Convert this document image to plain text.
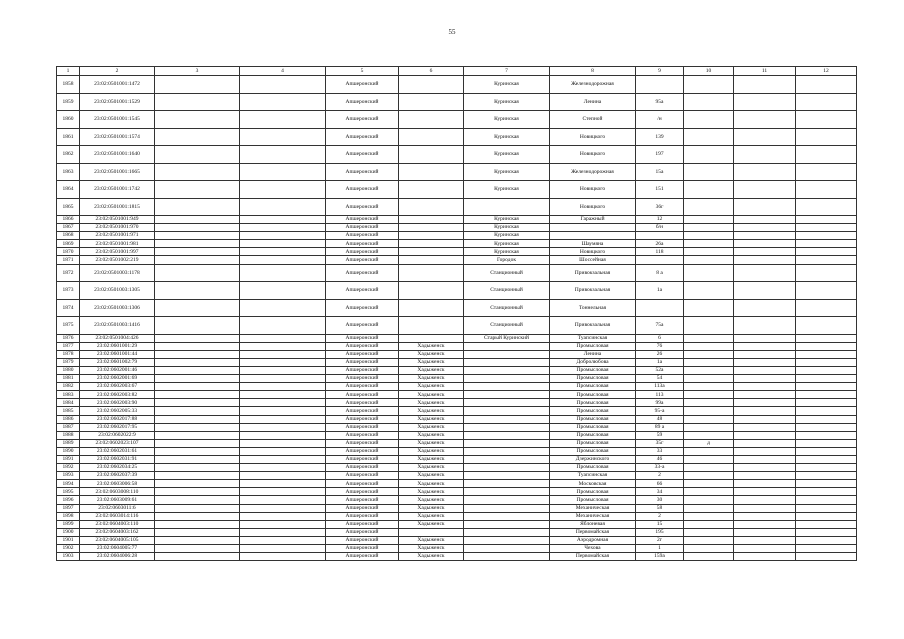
55
1	2	3	4	5	6	7	8	9	10	11	12
1858	23:02:0501001:1472			Апшеронский		Куринская	Железнодорожная				
1859	23:02:0501001:1529			Апшеронский		Куринская	Ленина	95а			
1860	23:02:0501001:1545			Апшеронский		Куринская	Степной	/н			
1861	23:02:0501001:1574			Апшеронский		Куринская	Новицкого	139			
1862	23:02:0501001:1640			Апшеронский		Куринская	Новицкого	197			
1863	23:02:0501001:1665			Апшеронский		Куринская	Железнодорожная	15а			
1864	23:02:0501001:1742			Апшеронский		Куринская	Новицкого	151			
1865	23:02:0501001:1815			Апшеронский			Новицкого	36г			
1866	23:02:0501001:949			Апшеронский		Куринская	Гаражный	12			
1867	23:02:0501001:970			Апшеронский		Куринская		б/н			
1868	23:02:0501001:971			Апшеронский		Куринская					
1869	23:02:0501001:981			Апшеронский		Куринская	Шаумяна	26а			
1870	23:02:0501001:997			Апшеронский		Куринская	Новицкого	118			
1871	23:02:0501002:219			Апшеронский		Городок	Шоссейная				
1872	23:02:0501003:1178			Апшеронский		Станционный	Привокзальная	8 а			
1873	23:02:0501003:1305			Апшеронский		Станционный	Привокзальная	1а			
1874	23:02:0501003:1306			Апшеронский		Станционный	Тоннельная				
1875	23:02:0501003:1416			Апшеронский		Станционный	Привокзальная	75а			
1876	23:02:0501004:426			Апшеронский		Старый Куринский	Туапсинская	6			
1877	23:02:0601001:29			Апшеронский	Хадыженск		Промысловая	76			
1878	23:02:0601001:44			Апшеронский	Хадыженск		Ленина	26			
1879	23:02:0601002:79			Апшеронский	Хадыженск		Добролюбова	1а			
1880	23:02:0602001:46			Апшеронский	Хадыженск		Промысловая	52а			
1881	23:02:0602001:69			Апшеронский	Хадыженск		Промысловая	54			
1882	23:02:0602003:67			Апшеронский	Хадыженск		Промысловая	113а			
1883	23:02:0602003:82			Апшеронский	Хадыженск		Промысловая	113			
1884	23:02:0602003:90			Апшеронский	Хадыженск		Промысловая	99а			
1885	23:02:0602005:33			Апшеронский	Хадыженск		Промысловая	95-а			
1886	23:02:0602017:88			Апшеронский	Хадыженск		Промысловая	48			
1887	23:02:0602017:95			Апшеронский	Хадыженск		Промысловая	89 а			
1888	23:02:0602022:9			Апшеронский	Хадыженск		Промысловая	59			
1889	23:02:0602023:107			Апшеронский	Хадыженск		Промысловая	35г	д		
1890	23:02:0602031:61			Апшеронский	Хадыженск		Промысловая	33			
1891	23:02:0602031:91			Апшеронский	Хадыженск		Дзержинского	46			
1892	23:02:0602034:25			Апшеронский	Хадыженск		Промысловая	33-а			
1893	23:02:0602037:39			Апшеронский	Хадыженск		Туапсинская	2			
1894	23:02:0603006:58			Апшеронский	Хадыженск		Московская	66			
1895	23:02:0603008:110			Апшеронский	Хадыженск		Промысловая	34			
1896	23:02:0603009:61			Апшеронский	Хадыженск		Промысловая	30			
1897	23:02:0603011:6			Апшеронский	Хадыженск		Механическая	58			
1898	23:02:0603014:116			Апшеронский	Хадыженск		Механическая	2			
1899	23:02:0604003:110			Апшеронский	Хадыженск		Яблоневая	15			
1900	23:02:0604003:162			Апшеронский			Первомайская	195			
1901	23:02:0604005:105			Апшеронский	Хадыженск		Аэродромная	2г			
1902	23:02:0604005:77			Апшеронский	Хадыженск		Чехова	1			
1903	23:02:0604006:28			Апшеронский	Хадыженск		Первомайская	159а			
